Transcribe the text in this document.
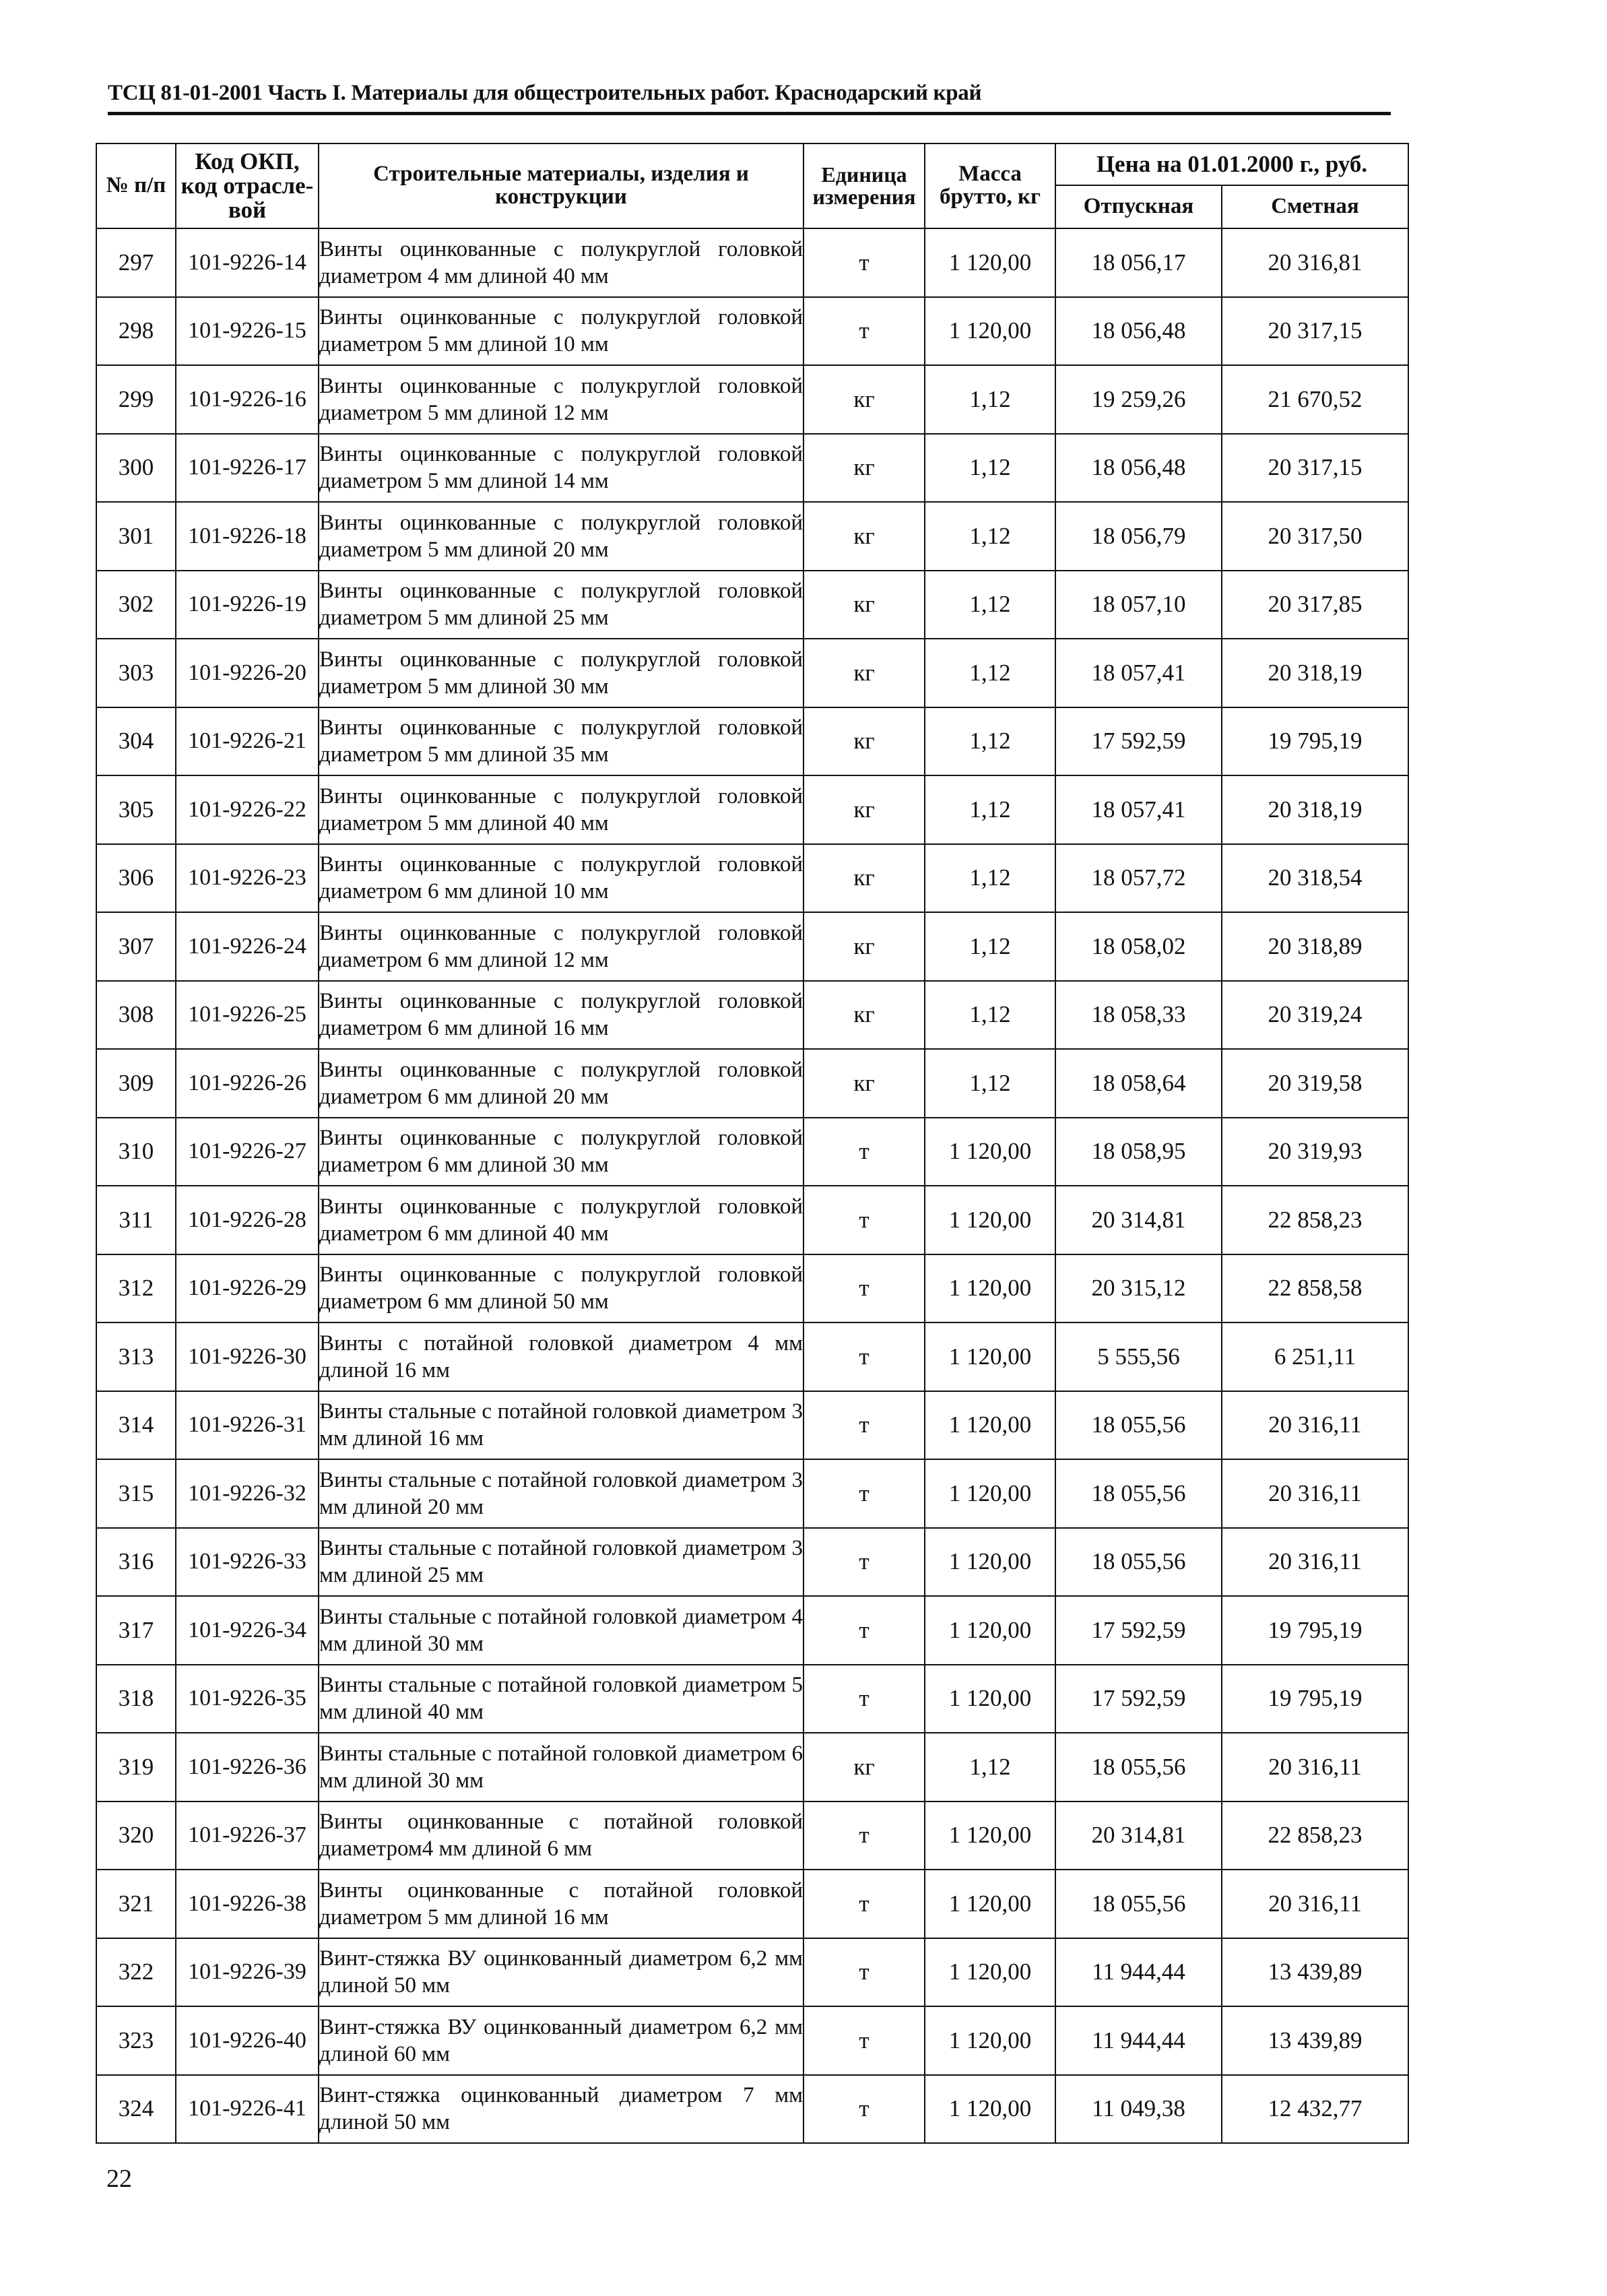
ТСЦ 81-01-2001 Часть I. Материалы для общестроительных работ. Краснодарский край
№ п/п	Код ОКП, код отраслевой	Строительные материалы, изделия и конструкции	Единица измерения	Масса брутто, кг	Цена на 01.01.2000 г., руб.	
					Отпускная	Сметная
297	101-9226-14	Винты оцинкованные с полукруглой головкой диаметром 4 мм длиной 40 мм	т	1 120,00	18 056,17	20 316,81
298	101-9226-15	Винты оцинкованные с полукруглой головкой диаметром 5 мм длиной 10 мм	т	1 120,00	18 056,48	20 317,15
299	101-9226-16	Винты оцинкованные с полукруглой головкой диаметром 5 мм длиной 12 мм	кг	1,12	19 259,26	21 670,52
300	101-9226-17	Винты оцинкованные с полукруглой головкой диаметром 5 мм длиной 14 мм	кг	1,12	18 056,48	20 317,15
301	101-9226-18	Винты оцинкованные с полукруглой головкой диаметром 5 мм длиной 20 мм	кг	1,12	18 056,79	20 317,50
302	101-9226-19	Винты оцинкованные с полукруглой головкой диаметром 5 мм длиной 25 мм	кг	1,12	18 057,10	20 317,85
303	101-9226-20	Винты оцинкованные с полукруглой головкой диаметром 5 мм длиной 30 мм	кг	1,12	18 057,41	20 318,19
304	101-9226-21	Винты оцинкованные с полукруглой головкой диаметром 5 мм длиной 35 мм	кг	1,12	17 592,59	19 795,19
305	101-9226-22	Винты оцинкованные с полукруглой головкой диаметром 5 мм длиной 40 мм	кг	1,12	18 057,41	20 318,19
306	101-9226-23	Винты оцинкованные с полукруглой головкой диаметром 6 мм длиной 10 мм	кг	1,12	18 057,72	20 318,54
307	101-9226-24	Винты оцинкованные с полукруглой головкой диаметром 6 мм длиной 12 мм	кг	1,12	18 058,02	20 318,89
308	101-9226-25	Винты оцинкованные с полукруглой головкой диаметром 6 мм длиной 16 мм	кг	1,12	18 058,33	20 319,24
309	101-9226-26	Винты оцинкованные с полукруглой головкой диаметром 6 мм длиной 20 мм	кг	1,12	18 058,64	20 319,58
310	101-9226-27	Винты оцинкованные с полукруглой головкой диаметром 6 мм длиной 30 мм	т	1 120,00	18 058,95	20 319,93
311	101-9226-28	Винты оцинкованные с полукруглой головкой диаметром 6 мм длиной 40 мм	т	1 120,00	20 314,81	22 858,23
312	101-9226-29	Винты оцинкованные с полукруглой головкой диаметром 6 мм длиной 50 мм	т	1 120,00	20 315,12	22 858,58
313	101-9226-30	Винты с потайной головкой диаметром 4 мм длиной 16 мм	т	1 120,00	5 555,56	6 251,11
314	101-9226-31	Винты стальные с потайной головкой диаметром 3 мм длиной 16 мм	т	1 120,00	18 055,56	20 316,11
315	101-9226-32	Винты стальные с потайной головкой диаметром 3 мм длиной 20 мм	т	1 120,00	18 055,56	20 316,11
316	101-9226-33	Винты стальные с потайной головкой диаметром 3 мм длиной 25 мм	т	1 120,00	18 055,56	20 316,11
317	101-9226-34	Винты стальные с потайной головкой диаметром 4 мм длиной 30 мм	т	1 120,00	17 592,59	19 795,19
318	101-9226-35	Винты стальные с потайной головкой диаметром 5 мм длиной 40 мм	т	1 120,00	17 592,59	19 795,19
319	101-9226-36	Винты стальные с потайной головкой диаметром 6 мм длиной 30 мм	кг	1,12	18 055,56	20 316,11
320	101-9226-37	Винты оцинкованные с потайной головкой диаметром4 мм длиной 6 мм	т	1 120,00	20 314,81	22 858,23
321	101-9226-38	Винты оцинкованные с потайной головкой диаметром 5 мм длиной 16 мм	т	1 120,00	18 055,56	20 316,11
322	101-9226-39	Винт-стяжка ВУ оцинкованный диаметром 6,2 мм длиной 50 мм	т	1 120,00	11 944,44	13 439,89
323	101-9226-40	Винт-стяжка ВУ оцинкованный диаметром 6,2 мм длиной 60 мм	т	1 120,00	11 944,44	13 439,89
324	101-9226-41	Винт-стяжка оцинкованный диаметром 7 мм длиной 50 мм	т	1 120,00	11 049,38	12 432,77
22
